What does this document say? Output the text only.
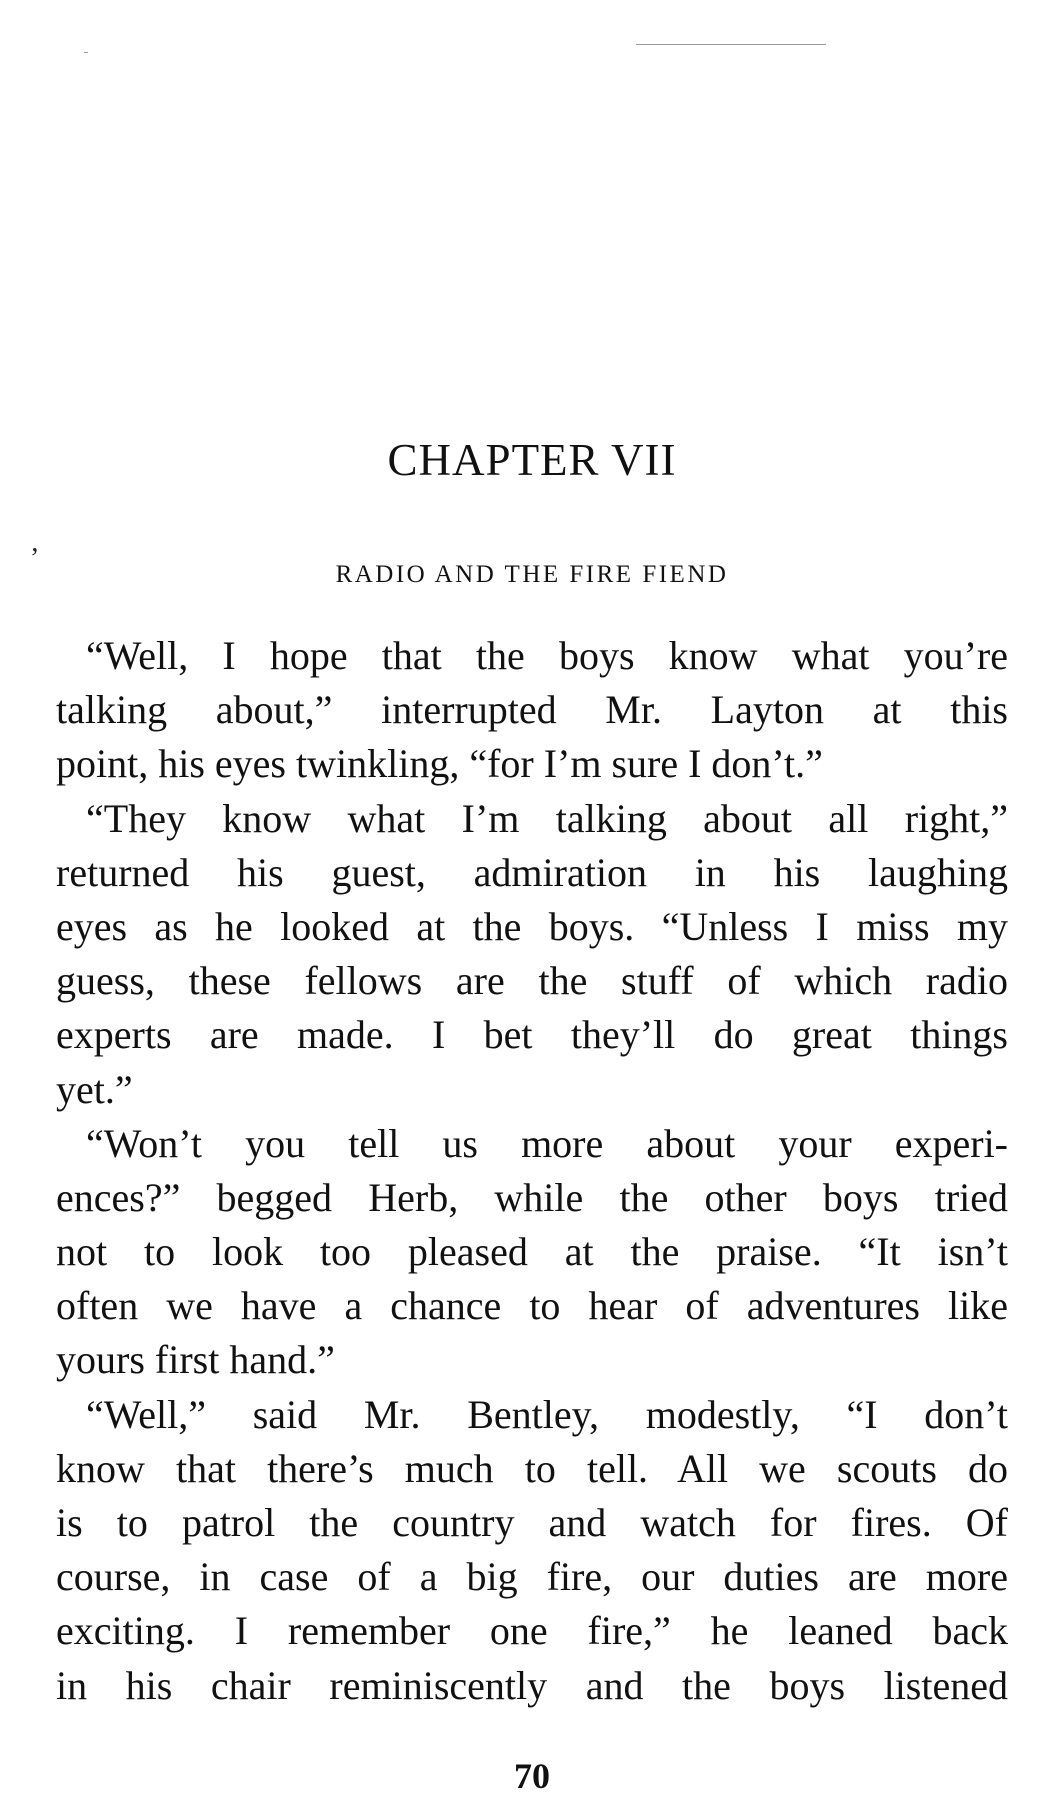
’
CHAPTER VII
RADIO AND THE FIRE FIEND
“Well, I hope that the boys know what you’re
talking about,” interrupted Mr. Layton at this
point, his eyes twinkling, “for I’m sure I don’t.”
“They know what I’m talking about all right,”
returned his guest, admiration in his laughing
eyes as he looked at the boys. “Unless I miss my
guess, these fellows are the stuff of which radio
experts are made. I bet they’ll do great things
yet.”
“Won’t you tell us more about your experi-
ences?” begged Herb, while the other boys tried
not to look too pleased at the praise. “It isn’t
often we have a chance to hear of adventures like
yours first hand.”
“Well,” said Mr. Bentley, modestly, “I don’t
know that there’s much to tell. All we scouts do
is to patrol the country and watch for fires. Of
course, in case of a big fire, our duties are more
exciting. I remember one fire,” he leaned back
in his chair reminiscently and the boys listened
70
